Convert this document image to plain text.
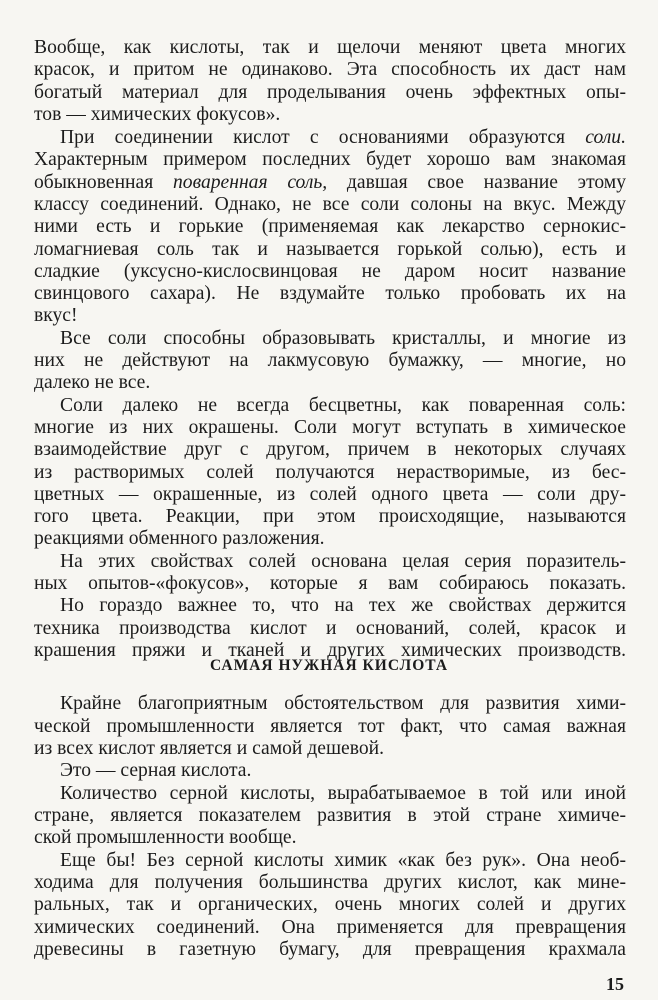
Вообще, как кислоты, так и щелочи меняют цвета многих
красок, и притом не одинаково. Эта способность их даст нам
богатый материал для проделывания очень эффектных опы-
тов — химических фокусов».
При соединении кислот с основаниями образуются соли.
Характерным примером последних будет хорошо вам знакомая
обыкновенная поваренная соль, давшая свое название этому
классу соединений. Однако, не все соли солоны на вкус. Между
ними есть и горькие (применяемая как лекарство сернокис-
ломагниевая соль так и называется горькой солью), есть и
сладкие (уксусно-кислосвинцовая не даром носит название
свинцового сахара). Не вздумайте только пробовать их на
вкус!
Все соли способны образовывать кристаллы, и многие из
них не действуют на лакмусовую бумажку, — многие, но
далеко не все.
Соли далеко не всегда бесцветны, как поваренная соль:
многие из них окрашены. Соли могут вступать в химическое
взаимодействие друг с другом, причем в некоторых случаях
из растворимых солей получаются нерастворимые, из бес-
цветных — окрашенные, из солей одного цвета — соли дру-
гого цвета. Реакции, при этом происходящие, называются
реакциями обменного разложения.
На этих свойствах солей основана целая серия поразитель-
ных опытов-«фокусов», которые я вам собираюсь показать.
Но гораздо важнее то, что на тех же свойствах держится
техника производства кислот и оснований, солей, красок и
крашения пряжи и тканей и других химических производств.
Крайне благоприятным обстоятельством для развития хими-
ческой промышленности является тот факт, что самая важная
из всех кислот является и самой дешевой.
Это — серная кислота.
Количество серной кислоты, вырабатываемое в той или иной
стране, является показателем развития в этой стране химиче-
ской промышленности вообще.
Еще бы! Без серной кислоты химик «как без рук». Она необ-
ходима для получения большинства других кислот, как мине-
ральных, так и органических, очень многих солей и других
химических соединений. Она применяется для превращения
древесины в газетную бумагу, для превращения крахмала
САМАЯ НУЖНАЯ КИСЛОТА
15
